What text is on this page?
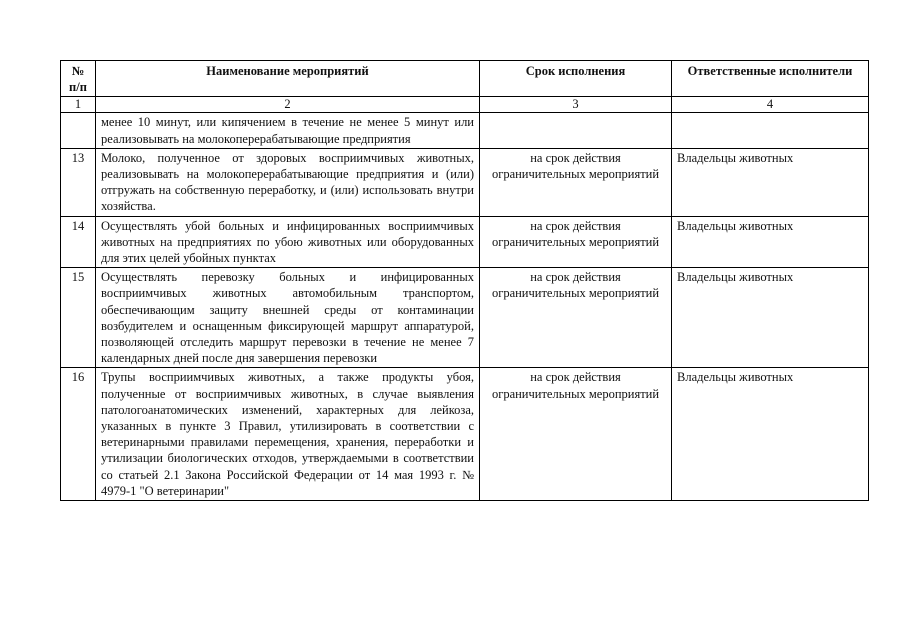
№ п/п	Наименование мероприятий	Срок исполнения	Ответственные исполнители
1	2	3	4
	менее 10 минут, или кипячением в течение не менее 5 минут или реализовывать на молокоперерабатывающие предприятия		
13	Молоко, полученное от здоровых восприимчивых животных, реализовывать на молокоперерабатывающие предприятия и (или) отгружать на собственную переработку, и (или) использовать внутри хозяйства.	на срок действия ограничительных мероприятий	Владельцы животных
14	Осуществлять убой больных и инфицированных восприимчивых животных на предприятиях по убою животных или оборудованных для этих целей убойных пунктах	на срок действия ограничительных мероприятий	Владельцы животных
15	Осуществлять перевозку больных и инфицированных восприимчивых животных автомобильным транспортом, обеспечивающим защиту внешней среды от контаминации возбудителем и оснащенным фиксирующей маршрут аппаратурой, позволяющей отследить маршрут перевозки в течение не менее 7 календарных дней после дня завершения перевозки	на срок действия ограничительных мероприятий	Владельцы животных
16	Трупы восприимчивых животных, а также продукты убоя, полученные от восприимчивых животных, в случае выявления патологоанатомических изменений, характерных для лейкоза, указанных в пункте 3 Правил, утилизировать в соответствии с ветеринарными правилами перемещения, хранения, переработки и утилизации биологических отходов, утверждаемыми в соответствии со статьей 2.1 Закона Российской Федерации от 14 мая 1993 г. № 4979-1 "О ветеринарии"	на срок действия ограничительных мероприятий	Владельцы животных
